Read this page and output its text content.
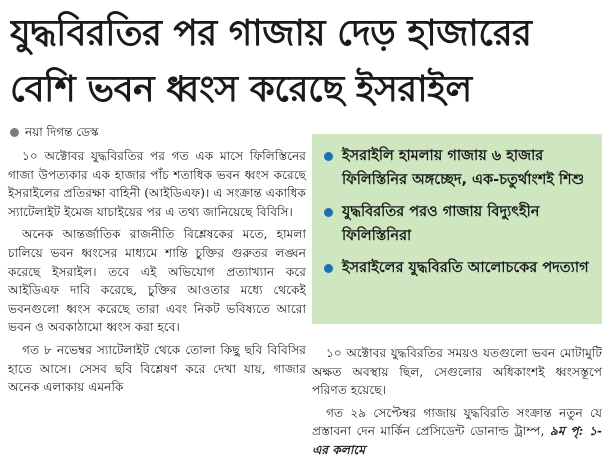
যুদ্ধবিরতির পর গাজায় দেড় হাজারের
বেশি ভবন ধ্বংস করেছে ইসরাইল
নয়া দিগন্ত ডেস্ক

১০ অক্টোবর যুদ্ধবিরতির পর গত এক মাসে ফিলিস্তিনের গাজা উপত্যকার এক হাজার পাঁচ শতাধিক ভবন ধ্বংস করেছে ইসরাইলের প্রতিরক্ষা বাহিনী (আইডিএফ)। এ সংক্রান্ত একাধিক স্যাটেলাইট ইমেজ যাচাইয়ের পর এ তথ্য জানিয়েছে বিবিসি।

অনেক আন্তর্জাতিক রাজনীতি বিশ্লেষকের মতে, হামলা চালিয়ে ভবন ধ্বংসের মাধ্যমে শান্তি চুক্তির গুরুতর লঙ্ঘন করেছে ইসরাইল। তবে এই অভিযোগ প্রত্যাখ্যান করে আইডিএফ দাবি করেছে, চুক্তির আওতার মধ্যে থেকেই ভবনগুলো ধ্বংস করেছে তারা এবং নিকট ভবিষ্যতে আরো ভবন ও অবকাঠামো ধ্বংস করা হবে।

গত ৮ নভেম্বর স্যাটেলাইট থেকে তোলা কিছু ছবি বিবিসির হাতে আসে। সেসব ছবি বিশ্লেষণ করে দেখা যায়, গাজার অনেক এলাকায় এমনকি

ইসরাইলি হামলায় গাজায় ৬ হাজার ফিলিস্তিনির অঙ্গচ্ছেদ, এক-চতুর্থাংশই শিশু
যুদ্ধবিরতির পরও গাজায় বিদ্যুৎহীন ফিলিস্তিনিরা
ইসরাইলের যুদ্ধবিরতি আলোচকের পদত্যাগ

১০ অক্টোবর যুদ্ধবিরতির সময়ও যতগুলো ভবন মোটামুটি অক্ষত অবস্থায় ছিল, সেগুলোর অধিকাংশই ধ্বংসস্তূপে পরিণত হয়েছে।

গত ২৯ সেপ্টেম্বর গাজায় যুদ্ধবিরতি সংক্রান্ত নতুন যে প্রস্তাবনা দেন মার্কিন প্রেসিডেন্ট ডোনাল্ড ট্রাম্প, ৯ম পৃ: ১-এর কলামে
